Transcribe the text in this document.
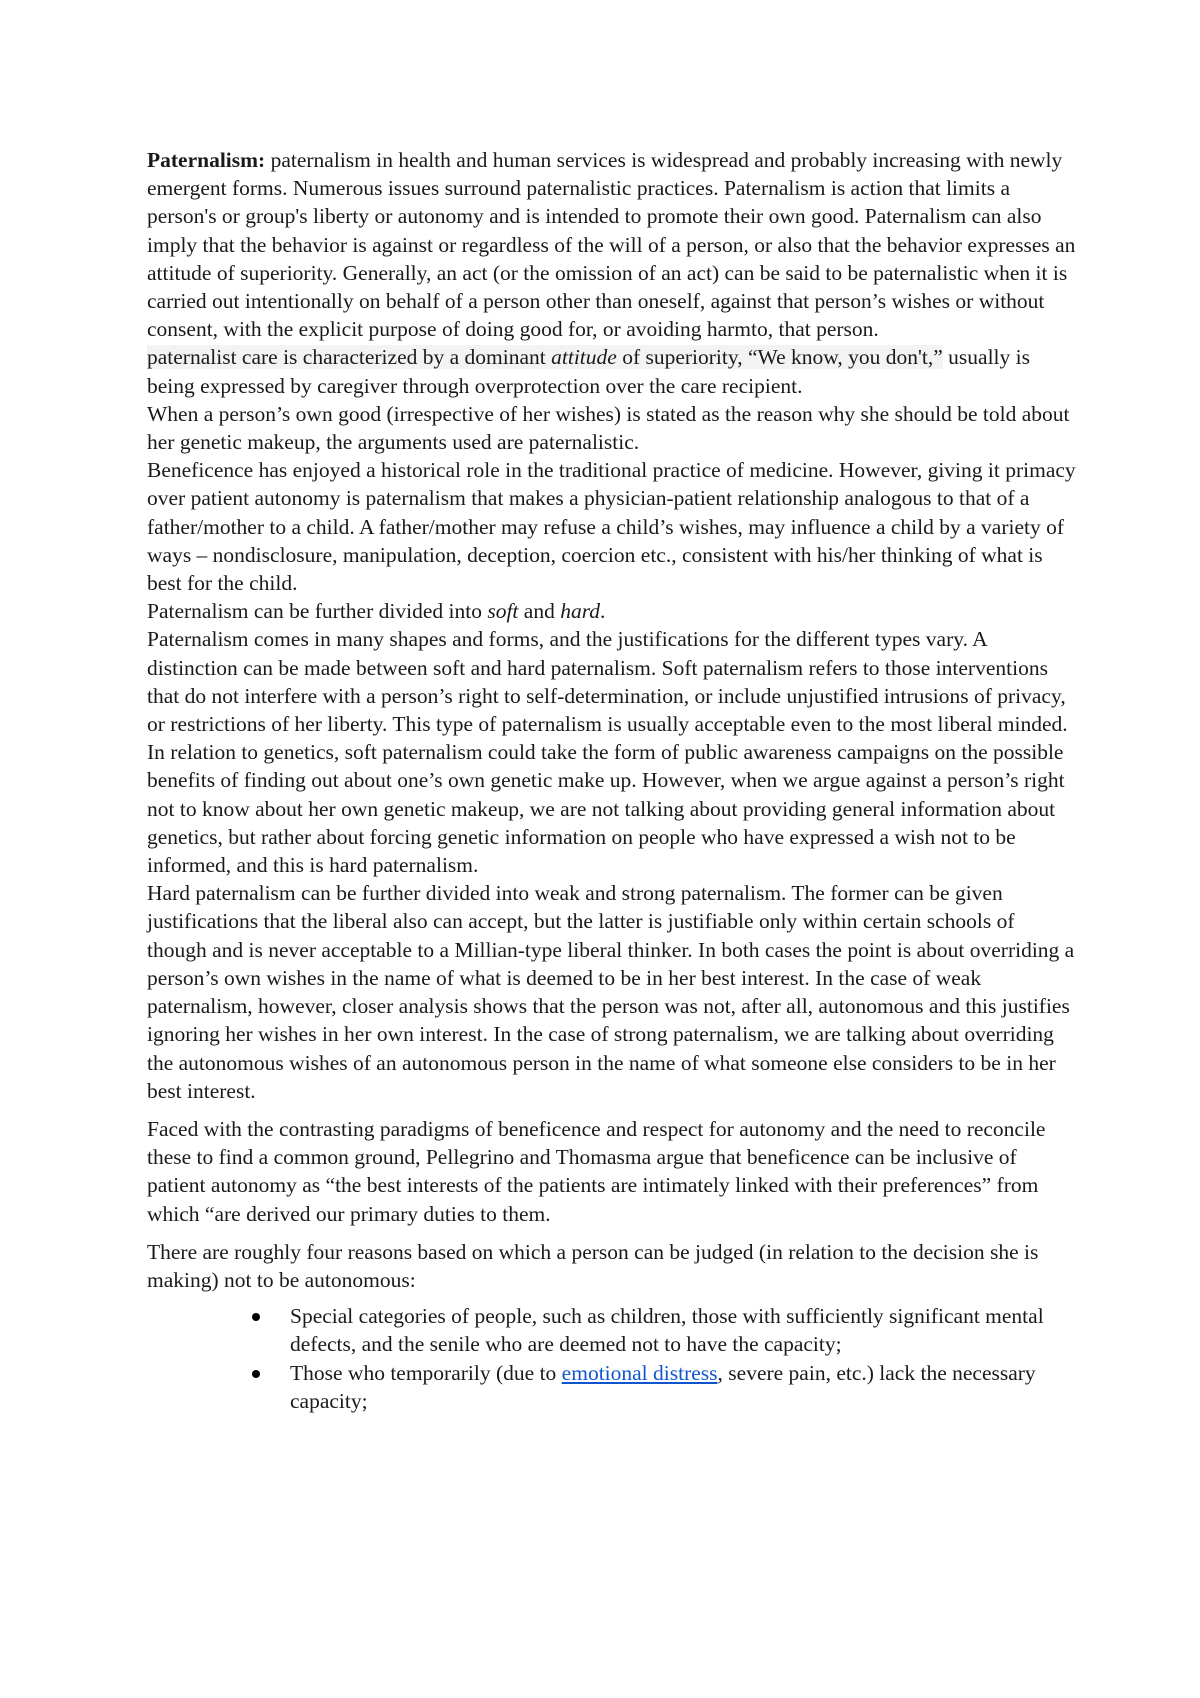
Paternalism: paternalism in health and human services is widespread and probably increasing with newly emergent forms. Numerous issues surround paternalistic practices. Paternalism is action that limits a person's or group's liberty or autonomy and is intended to promote their own good. Paternalism can also imply that the behavior is against or regardless of the will of a person, or also that the behavior expresses an attitude of superiority. Generally, an act (or the omission of an act) can be said to be paternalistic when it is carried out intentionally on behalf of a person other than oneself, against that person’s wishes or without consent, with the explicit purpose of doing good for, or avoiding harmto, that person.

paternalist care is characterized by a dominant attitude of superiority, “We know, you don't,” usually is being expressed by caregiver through overprotection over the care recipient.

When a person’s own good (irrespective of her wishes) is stated as the reason why she should be told about her genetic makeup, the arguments used are paternalistic.

Beneficence has enjoyed a historical role in the traditional practice of medicine. However, giving it primacy over patient autonomy is paternalism that makes a physician-patient relationship analogous to that of a father/mother to a child. A father/mother may refuse a child’s wishes, may influence a child by a variety of ways – nondisclosure, manipulation, deception, coercion etc., consistent with his/her thinking of what is best for the child.

Paternalism can be further divided into soft and hard.

Paternalism comes in many shapes and forms, and the justifications for the different types vary. A distinction can be made between soft and hard paternalism. Soft paternalism refers to those interventions that do not interfere with a person’s right to self-determination, or include unjustified intrusions of privacy, or restrictions of her liberty. This type of paternalism is usually acceptable even to the most liberal minded. In relation to genetics, soft paternalism could take the form of public awareness campaigns on the possible benefits of finding out about one’s own genetic make up. However, when we argue against a person’s right not to know about her own genetic makeup, we are not talking about providing general information about genetics, but rather about forcing genetic information on people who have expressed a wish not to be informed, and this is hard paternalism.

Hard paternalism can be further divided into weak and strong paternalism. The former can be given justifications that the liberal also can accept, but the latter is justifiable only within certain schools of though and is never acceptable to a Millian-type liberal thinker. In both cases the point is about overriding a person’s own wishes in the name of what is deemed to be in her best interest. In the case of weak paternalism, however, closer analysis shows that the person was not, after all, autonomous and this justifies ignoring her wishes in her own interest. In the case of strong paternalism, we are talking about overriding the autonomous wishes of an autonomous person in the name of what someone else considers to be in her best interest.

Faced with the contrasting paradigms of beneficence and respect for autonomy and the need to reconcile these to find a common ground, Pellegrino and Thomasma argue that beneficence can be inclusive of patient autonomy as “the best interests of the patients are intimately linked with their preferences” from which “are derived our primary duties to them.

There are roughly four reasons based on which a person can be judged (in relation to the decision she is making) not to be autonomous:

Special categories of people, such as children, those with sufficiently significant mental defects, and the senile who are deemed not to have the capacity;
Those who temporarily (due to emotional distress, severe pain, etc.) lack the necessary capacity;
